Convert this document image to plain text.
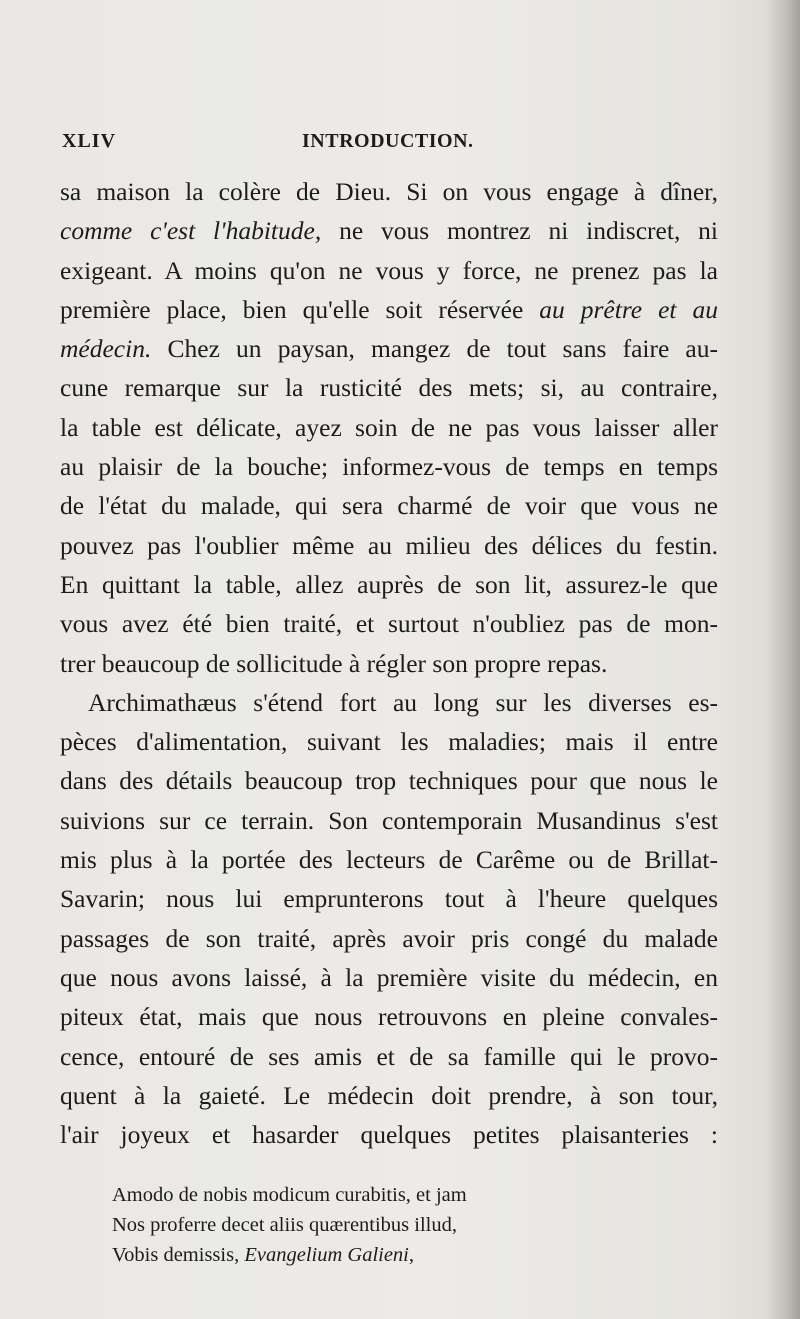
XLIV	INTRODUCTION.
sa maison la colère de Dieu. Si on vous engage à dîner,
comme c'est l'habitude, ne vous montrez ni indiscret, ni
exigeant. A moins qu'on ne vous y force, ne prenez pas la
première place, bien qu'elle soit réservée au prêtre et au
médecin. Chez un paysan, mangez de tout sans faire au-
cune remarque sur la rusticité des mets; si, au contraire,
la table est délicate, ayez soin de ne pas vous laisser aller
au plaisir de la bouche; informez-vous de temps en temps
de l'état du malade, qui sera charmé de voir que vous ne
pouvez pas l'oublier même au milieu des délices du festin.
En quittant la table, allez auprès de son lit, assurez-le que
vous avez été bien traité, et surtout n'oubliez pas de mon-
trer beaucoup de sollicitude à régler son propre repas.
Archimathæus s'étend fort au long sur les diverses es-
pèces d'alimentation, suivant les maladies; mais il entre
dans des détails beaucoup trop techniques pour que nous le
suivions sur ce terrain. Son contemporain Musandinus s'est
mis plus à la portée des lecteurs de Carême ou de Brillat-
Savarin; nous lui emprunterons tout à l'heure quelques
passages de son traité, après avoir pris congé du malade
que nous avons laissé, à la première visite du médecin, en
piteux état, mais que nous retrouvons en pleine convales-
cence, entouré de ses amis et de sa famille qui le provo-
quent à la gaieté. Le médecin doit prendre, à son tour,
l'air joyeux et hasarder quelques petites plaisanteries :
Amodo de nobis modicum curabitis, et jam
Nos proferre decet aliis quærentibus illud,
Vobis demissis, Evangelium Galieni,
